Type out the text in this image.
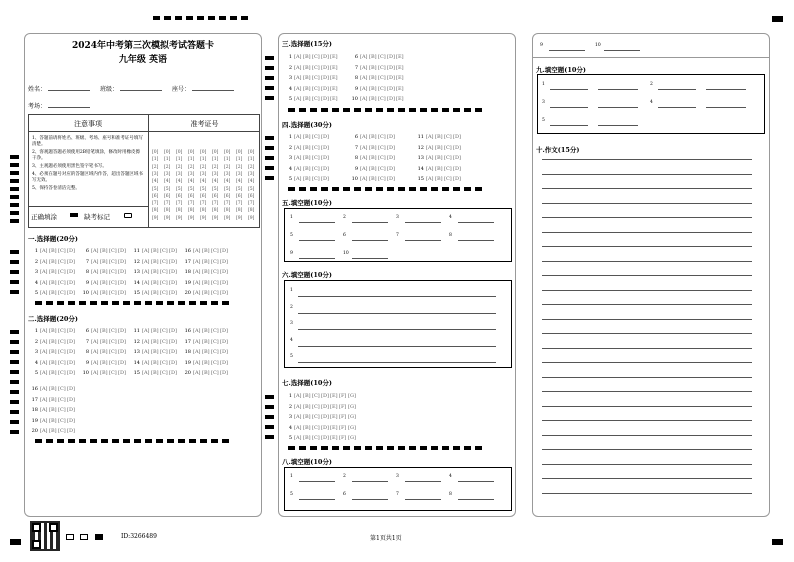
2024年中考第三次模拟考试答题卡
九年级 英语
姓名：	班级：	座号：
考场：
注意事项	准考证号
1、答题前请将姓名、班级、考场、座号和准考证号填写清楚。
2、客观题答题必须使用2B铅笔填涂，修改时用橡皮擦干净。
3、主观题必须使用黑色签字笔书写。
4、必须在题号对应的答题区域内作答，超出答题区域书写无效。
5、保持答卷清洁完整。
正确填涂	缺考标记
[0] [0] [0] [0] [0] [0] [0] [0] [0]
[1] [1] [1] [1] [1] [1] [1] [1] [1]
[2] [2] [2] [2] [2] [2] [2] [2] [2]
[3] [3] [3] [3] [3] [3] [3] [3] [3]
[4] [4] [4] [4] [4] [4] [4] [4] [4]
[5] [5] [5] [5] [5] [5] [5] [5] [5]
[6] [6] [6] [6] [6] [6] [6] [6] [6]
[7] [7] [7] [7] [7] [7] [7] [7] [7]
[8] [8] [8] [8] [8] [8] [8] [8] [8]
[9] [9] [9] [9] [9] [9] [9] [9] [9]
一.选择题(20分)
1 [A][B][C][D]	6 [A][B][C][D]	11 [A][B][C][D]	16 [A][B][C][D]
2 [A][B][C][D]	7 [A][B][C][D]	12 [A][B][C][D]	17 [A][B][C][D]
3 [A][B][C][D]	8 [A][B][C][D]	13 [A][B][C][D]	18 [A][B][C][D]
4 [A][B][C][D]	9 [A][B][C][D]	14 [A][B][C][D]	19 [A][B][C][D]
5 [A][B][C][D]	10 [A][B][C][D]	15 [A][B][C][D]	20 [A][B][C][D]
二.选择题(20分)
1 [A][B][C][D]	6 [A][B][C][D]	11 [A][B][C][D]	16 [A][B][C][D]
2 [A][B][C][D]	7 [A][B][C][D]	12 [A][B][C][D]	17 [A][B][C][D]
3 [A][B][C][D]	8 [A][B][C][D]	13 [A][B][C][D]	18 [A][B][C][D]
4 [A][B][C][D]	9 [A][B][C][D]	14 [A][B][C][D]	19 [A][B][C][D]
5 [A][B][C][D]	10 [A][B][C][D]	15 [A][B][C][D]	20 [A][B][C][D]
16 [A][B][C][D]
17 [A][B][C][D]
18 [A][B][C][D]
19 [A][B][C][D]
20 [A][B][C][D]
ID:3266489	第1页共1页
三.选择题(15分)
1 [A][B][C][D][E]	6 [A][B][C][D][E]
2 [A][B][C][D][E]	7 [A][B][C][D][E]
3 [A][B][C][D][E]	8 [A][B][C][D][E]
4 [A][B][C][D][E]	9 [A][B][C][D][E]
5 [A][B][C][D][E]	10 [A][B][C][D][E]
四.选择题(30分)
1 [A][B][C][D]	6 [A][B][C][D]	11 [A][B][C][D]
2 [A][B][C][D]	7 [A][B][C][D]	12 [A][B][C][D]
3 [A][B][C][D]	8 [A][B][C][D]	13 [A][B][C][D]
4 [A][B][C][D]	9 [A][B][C][D]	14 [A][B][C][D]
5 [A][B][C][D]	10 [A][B][C][D]	15 [A][B][C][D]
五.填空题(10分)
1	2	3	4
5	6	7	8
9	10
六.填空题(10分)
1
2
3
4
5
七.选择题(10分)
1 [A][B][C][D][E][F] [G]
2 [A][B][C][D][E][F] [G]
3 [A][B][C][D][E][F] [G]
4 [A][B][C][D][E][F] [G]
5 [A][B][C][D][E][F] [G]
八.填空题(10分)
1	2	3	4
5	6	7	8
9	10
九.填空题(10分)
1	2
3	4
5
十.作文(15分)
